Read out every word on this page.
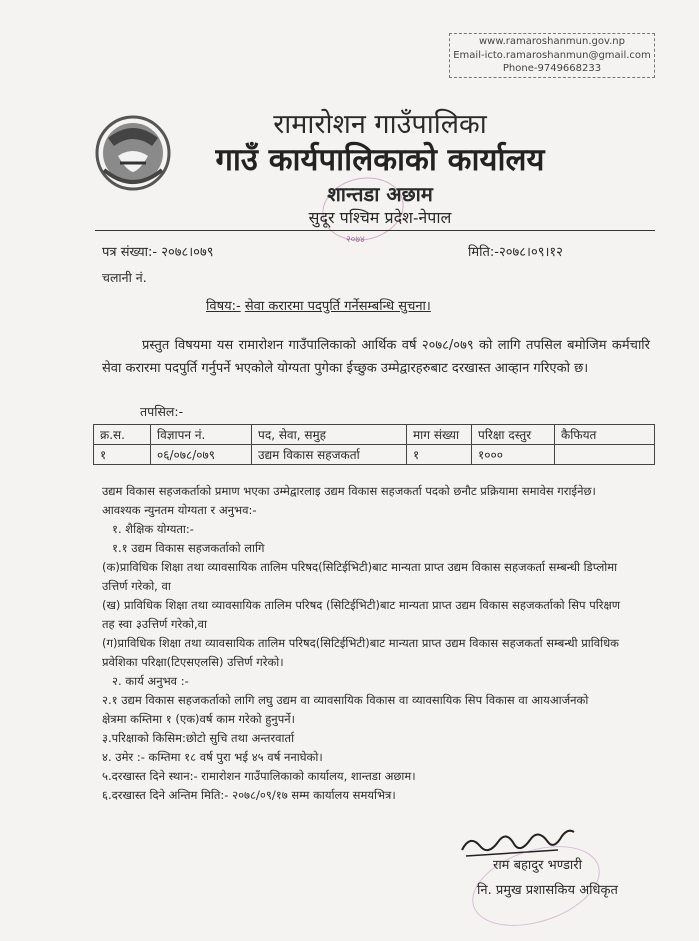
www.ramaroshanmun.gov.np
Email-icto.ramaroshanmun@gmail.com
Phone-9749668233
रामारोशन गाउँपालिका
गाउँ कार्यपालिकाको कार्यालय
२०७४
शान्तडा अछाम
सुदूर पश्चिम प्रदेश-नेपाल
पत्र संख्या:- २०७८।०७९	मिति:-२०७८।०९।१२
चलानी नं.
विषय:- सेवा करारमा पदपुर्ति गर्नेसम्बन्धि सुचना।
प्रस्तुत विषयमा यस रामारोशन गाउँपालिकाको आर्थिक वर्ष २०७८/०७९ को लागि तपसिल बमोजिम कर्मचारि सेवा करारमा पदपुर्ति गर्नुपर्ने भएकोले योग्यता पुगेका ईच्छुक उम्मेद्वारहरुबाट दरखास्त आव्हान गरिएको छ।
तपसिल:-
क्र.स.	विज्ञापन नं.	पद, सेवा, समुह	माग संख्या	परिक्षा दस्तुर	कैफियत
१	०६/०७८/०७९	उद्यम विकास सहजकर्ता	१	१०००	
उद्यम विकास सहजकर्ताको प्रमाण भएका उम्मेद्वारलाइ उद्यम विकास सहजकर्ता पदको छनौट प्रक्रियामा समावेस गराईनेछ।
आवश्यक न्युनतम योग्यता र अनुभव:-
१. शैक्षिक योग्यता:-
१.१ उद्यम विकास सहजकर्ताको लागि
(क)प्राविधिक शिक्षा तथा व्यावसायिक तालिम परिषद(सिटिईभिटी)बाट मान्यता प्राप्त उद्यम विकास सहजकर्ता सम्बन्धी डिप्लोमा
उत्तिर्ण गरेको, वा
(ख) प्राविधिक शिक्षा तथा व्यावसायिक तालिम परिषद (सिटिईभिटी)बाट मान्यता प्राप्त उद्यम विकास सहजकर्ताको सिप परिक्षण
तह स्वा ३उत्तिर्ण गरेको,वा
(ग)प्राविधिक शिक्षा तथा व्यावसायिक तालिम परिषद(सिटिईभिटी)बाट मान्यता प्राप्त उद्यम विकास सहजकर्ता सम्बन्धी प्राविधिक
प्रवेशिका परिक्षा(टिएसएलसि) उत्तिर्ण गरेको।
२. कार्य अनुभव :-
२.१ उद्यम विकास सहजकर्ताको लागि लघु उद्यम वा व्यावसायिक विकास वा व्यावसायिक सिप विकास वा आयआर्जनको
क्षेत्रमा कम्तिमा १ (एक)वर्ष काम गरेको हुनुपर्ने।
३.परिक्षाको किसिम:छोटो सुचि तथा अन्तरवार्ता
४. उमेर :- कम्तिमा १८ वर्ष पुरा भई ४५ वर्ष ननाघेको।
५.दरखास्त दिने स्थान:- रामारोशन गाउँपालिकाको कार्यालय, शान्तडा अछाम।
६.दरखास्त दिने अन्तिम मिति:- २०७८/०९/१७ सम्म कार्यालय समयभित्र।
राम बहादुर भण्डारी
नि. प्रमुख प्रशासकिय अधिकृत
